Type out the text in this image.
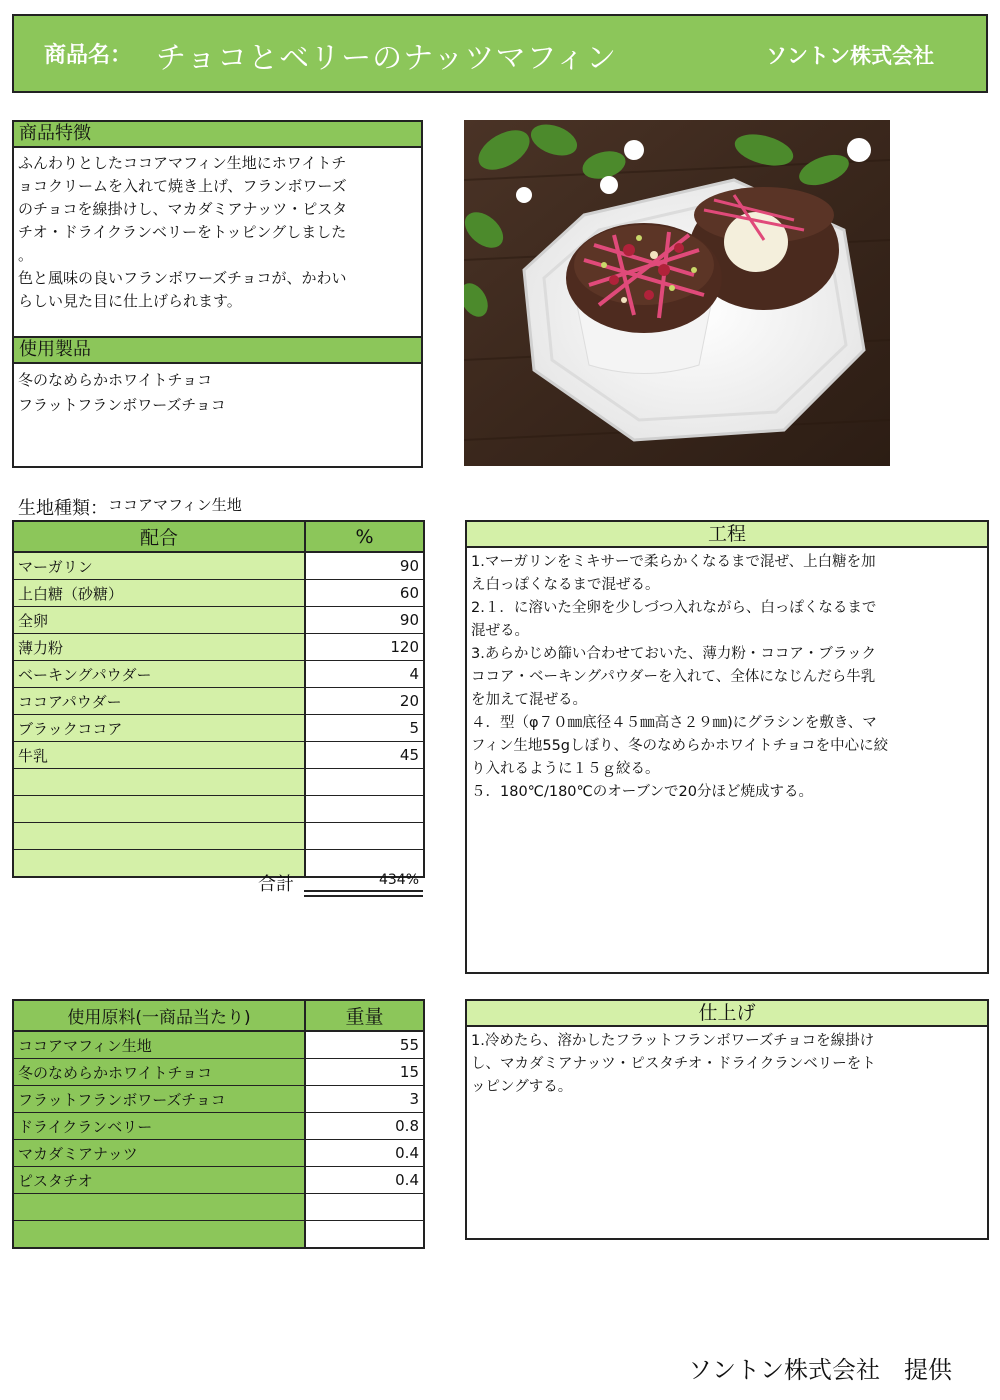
商品名： チョコとベリーのナッツマフィン	ソントン株式会社
商品特徴
ふんわりとしたココアマフィン生地にホワイトチ
ョコクリームを入れて焼き上げ、フランボワーズ
のチョコを線掛けし、マカダミアナッツ・ピスタ
チオ・ドライクランベリーをトッピングしました
。
色と風味の良いフランボワーズチョコが、かわい
らしい見た目に仕上げられます。
使用製品
冬のなめらかホワイトチョコ
フラットフランボワーズチョコ
生地種類：ココアマフィン生地
配合	%
マーガリン	90
上白糖（砂糖）	60
全卵	90
薄力粉	120
ベーキングパウダー	4
ココアパウダー	20
ブラックココア	5
牛乳	45

合計	434%
工程
1.マーガリンをミキサーで柔らかくなるまで混ぜ、上白糖を加
え白っぽくなるまで混ぜる。
2.１．に溶いた全卵を少しづつ入れながら、白っぽくなるまで
混ぜる。
3.あらかじめ篩い合わせておいた、薄力粉・ココア・ブラック
ココア・ベーキングパウダーを入れて、全体になじんだら牛乳
を加えて混ぜる。
４．型（φ７０㎜底径４５㎜高さ２９㎜)にグラシンを敷き、マ
フィン生地55gしぼり、冬のなめらかホワイトチョコを中心に絞
り入れるように１５ｇ絞る。
５．180℃/180℃のオーブンで20分ほど焼成する。
使用原料(一商品当たり)	重量
ココアマフィン生地	55
冬のなめらかホワイトチョコ	15
フラットフランボワーズチョコ	3
ドライクランベリー	0.8
マカダミアナッツ	0.4
ピスタチオ	0.4

仕上げ
1.冷めたら、溶かしたフラットフランボワーズチョコを線掛け
し、マカダミアナッツ・ピスタチオ・ドライクランベリーをト
ッピングする。
ソントン株式会社　提供
